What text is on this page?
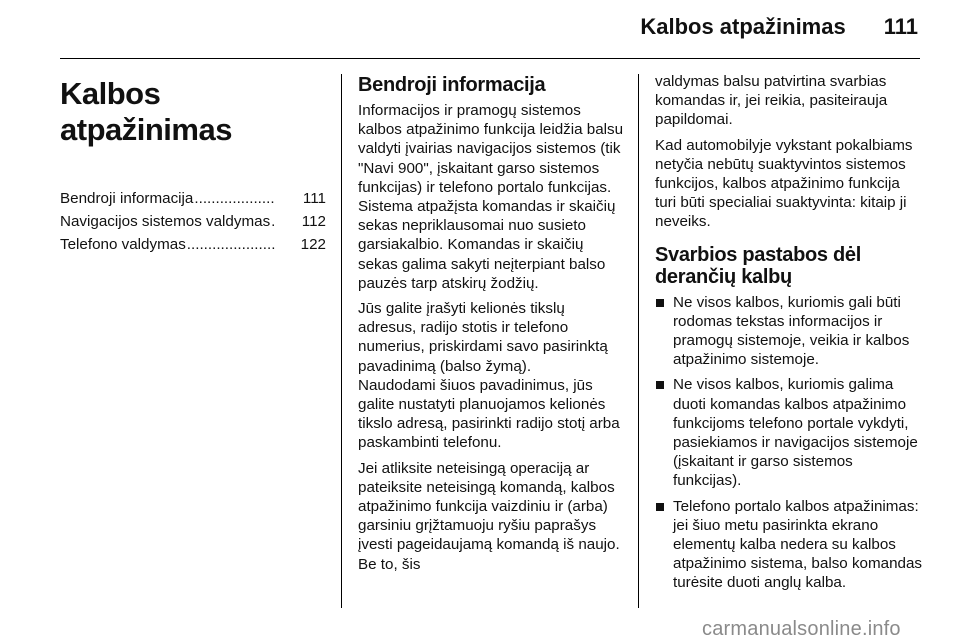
Kalbos atpažinimas 111
Kalbos atpažinimas
Bendroji informacija ...................	111
Navigacijos sistemos valdymas .	112
Telefono valdymas .....................	122
Bendroji informacija

Informacijos ir pramogų sistemos kalbos atpažinimo funkcija leidžia balsu valdyti įvairias navigacijos sistemos (tik "Navi 900", įskaitant garso sistemos funkcijas) ir telefono portalo funkcijas. Sistema atpažįsta komandas ir skaičių sekas nepriklausomai nuo susieto garsiakalbio. Komandas ir skaičių sekas galima sakyti neįterpiant balso pauzės tarp atskirų žodžių.

Jūs galite įrašyti kelionės tikslų adresus, radijo stotis ir telefono numerius, priskirdami savo pasirinktą pavadinimą (balso žymą).

Naudodami šiuos pavadinimus, jūs galite nustatyti planuojamos kelionės tikslo adresą, pasirinkti radijo stotį arba paskambinti telefonu.

Jei atliksite neteisingą operaciją ar pateiksite neteisingą komandą, kalbos atpažinimo funkcija vaizdiniu ir (arba) garsiniu grįžtamuoju ryšiu paprašys įvesti pageidaujamą komandą iš naujo. Be to, šis

valdymas balsu patvirtina svarbias komandas ir, jei reikia, pasiteirauja papildomai.

Kad automobilyje vykstant pokalbiams netyčia nebūtų suaktyvintos sistemos funkcijos, kalbos atpažinimo funkcija turi būti specialiai suaktyvinta: kitaip ji neveiks.

Svarbios pastabos dėl derančių kalbų
Ne visos kalbos, kuriomis gali būti rodomas tekstas informacijos ir pramogų sistemoje, veikia ir kalbos atpažinimo sistemoje.
Ne visos kalbos, kuriomis galima duoti komandas kalbos atpažinimo funkcijoms telefono portale vykdyti, pasiekiamos ir navigacijos sistemoje (įskaitant ir garso sistemos funkcijas).
Telefono portalo kalbos atpažinimas: jei šiuo metu pasirinkta ekrano elementų kalba nedera su kalbos atpažinimo sistema, balso komandas turėsite duoti anglų kalba.
carmanualsonline.info
